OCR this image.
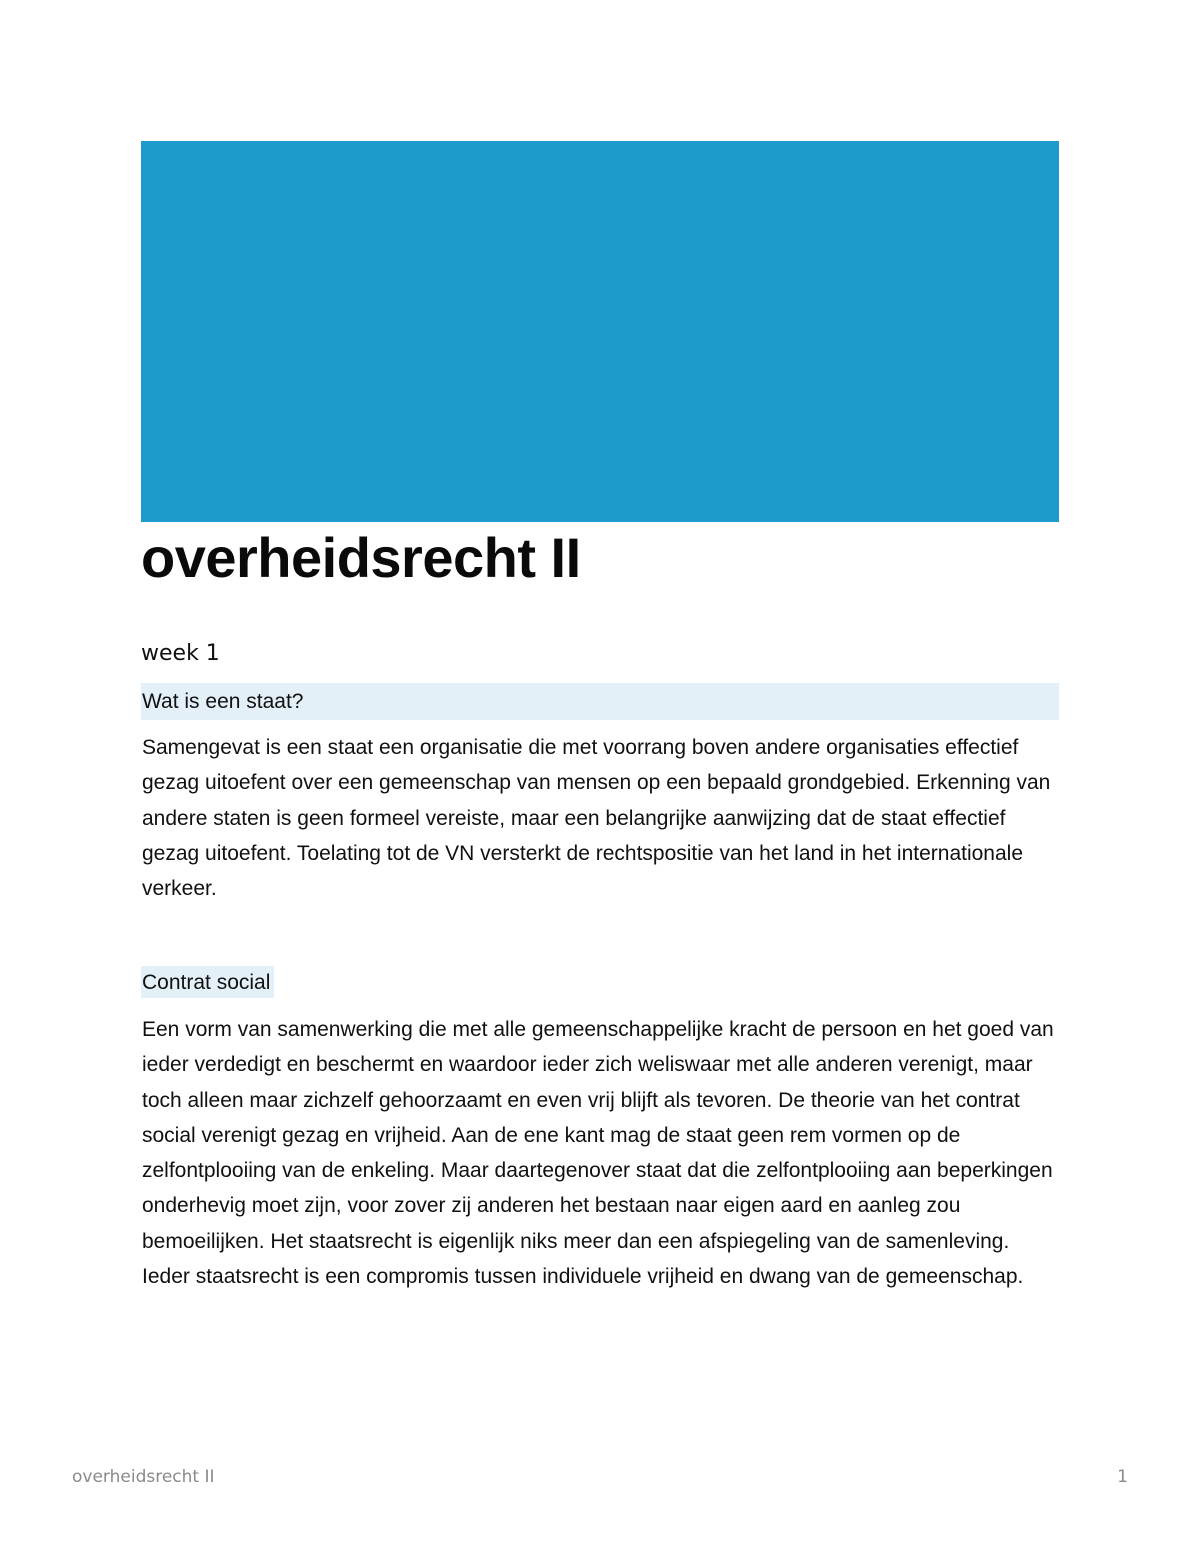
overheidsrecht II
week 1
Wat is een staat?

Samengevat is een staat een organisatie die met voorrang boven andere organisaties effectief gezag uitoefent over een gemeenschap van mensen op een bepaald grondgebied. Erkenning van andere staten is geen formeel vereiste, maar een belangrijke aanwijzing dat de staat effectief gezag uitoefent. Toelating tot de VN versterkt de rechtspositie van het land in het internationale verkeer.

Contrat social

Een vorm van samenwerking die met alle gemeenschappelijke kracht de persoon en het goed van ieder verdedigt en beschermt en waardoor ieder zich weliswaar met alle anderen verenigt, maar toch alleen maar zichzelf gehoorzaamt en even vrij blijft als tevoren. De theorie van het contrat social verenigt gezag en vrijheid. Aan de ene kant mag de staat geen rem vormen op de zelfontplooiing van de enkeling. Maar daartegenover staat dat die zelfontplooiing aan beperkingen onderhevig moet zijn, voor zover zij anderen het bestaan naar eigen aard en aanleg zou bemoeilijken. Het staatsrecht is eigenlijk niks meer dan een afspiegeling van de samenleving. Ieder staatsrecht is een compromis tussen individuele vrijheid en dwang van de gemeenschap.

overheidsrecht II	1
